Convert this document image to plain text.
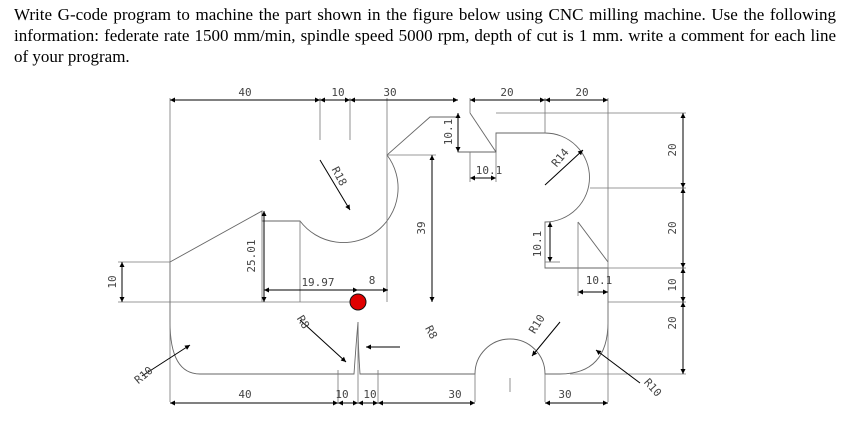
Write G-code program to machine the part shown in the figure below using CNC milling machine. Use the following information: federate rate 1500 mm/min, spindle speed 5000 rpm, depth of cut is 1 mm. write a comment for each line of your program.
40	10	30	20	20
40	10 10	30	30
20
20
10
20
10
10.1
10.1
10.1
10.1
25.01
19.97	8
39
R18
R14
R8
R8	R10
R10
R10
